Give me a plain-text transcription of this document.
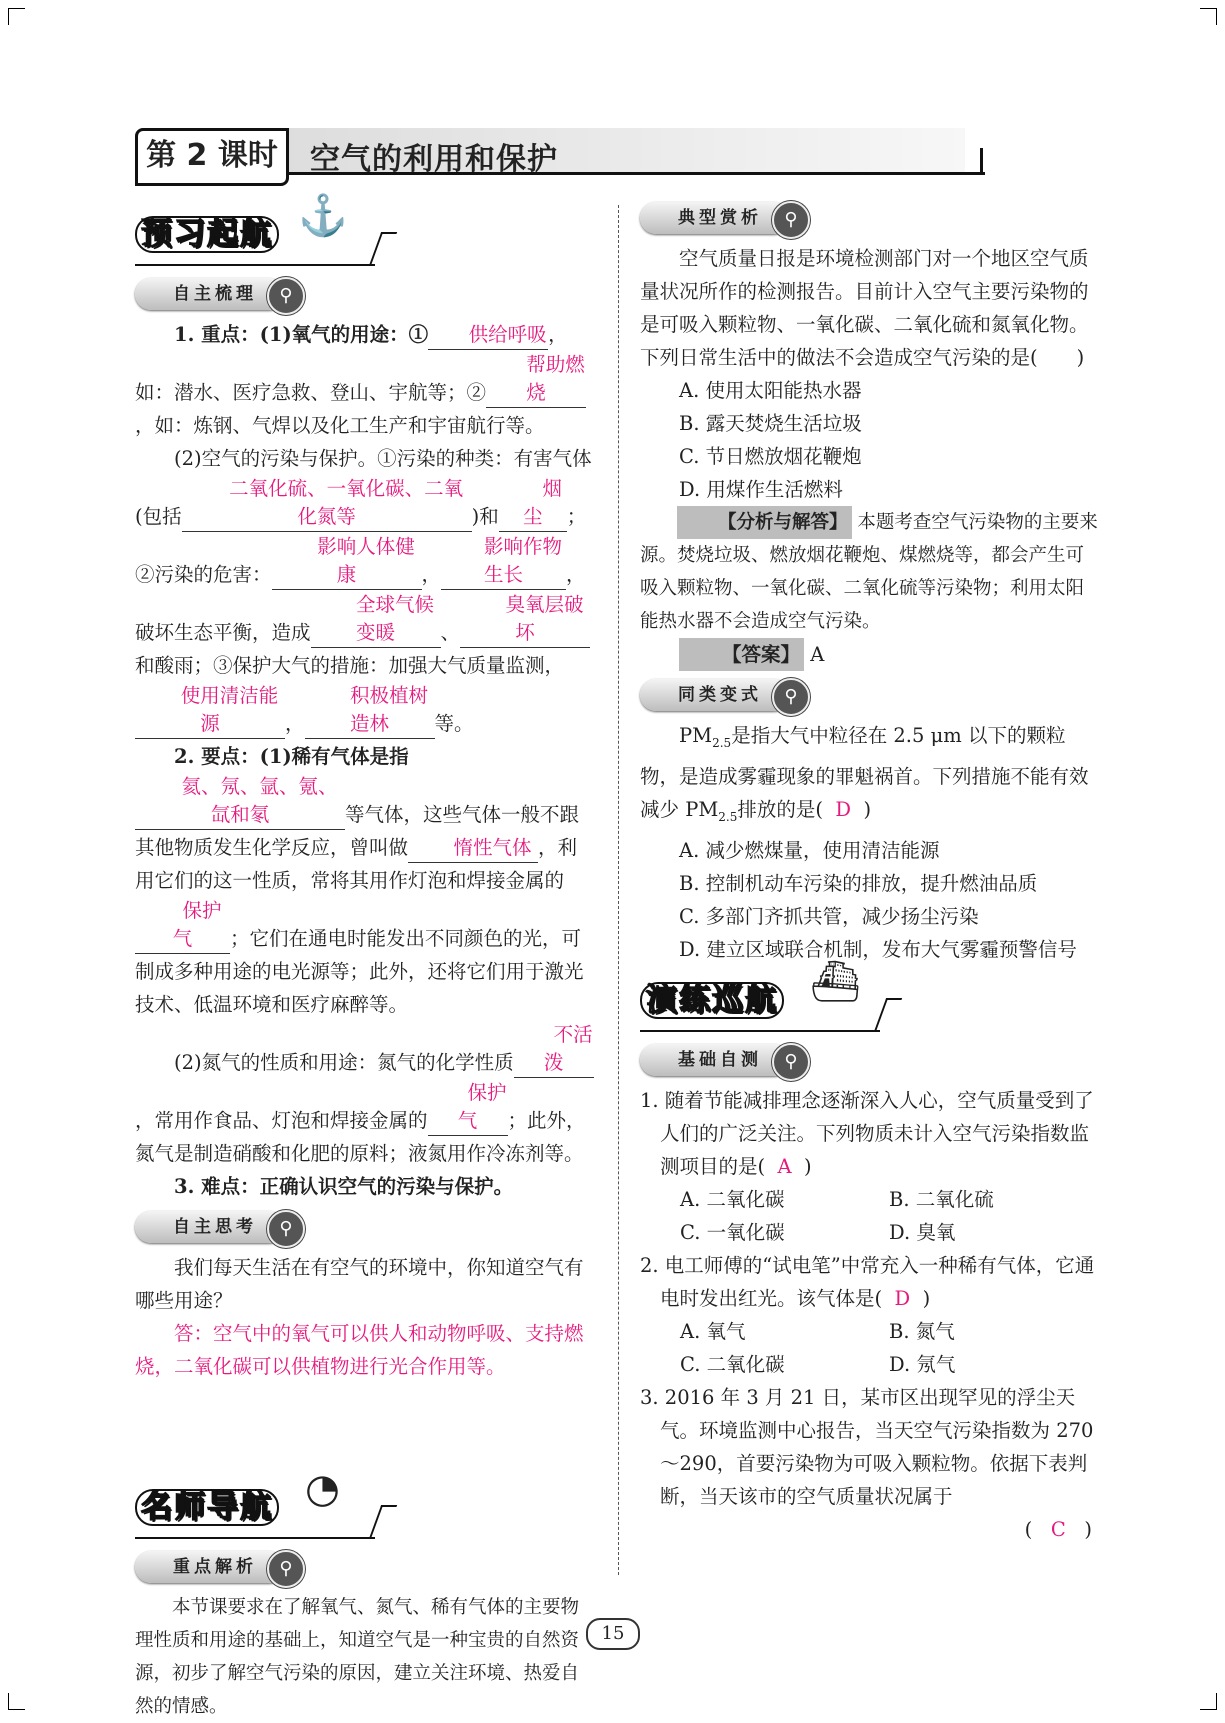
第 2 课时	空气的利用和保护
预习起航 ⚓
自主梳理	⚲

1. 重点：(1)氧气的用途：① 供给呼吸，如：潜水、医疗急救、登山、宇航等；②帮助燃烧，如：炼钢、气焊以及化工生产和宇宙航行等。

(2)空气的污染与保护。①污染的种类：有害气体(包括二氧化硫、一氧化碳、二氧化氮等	)和烟尘 ；②污染的危害：影响人体健康	，影响作物生长 ，破坏生态平衡，造成全球气候变暖 、臭氧层破坏和酸雨；③保护大气的措施：加强大气质量监测，使用清洁能源	，积极植树造林 等。

2. 要点：(1)稀有气体是指氦、氖、氩、氪、氙和氡	等气体，这些气体一般不跟其他物质发生化学反应，曾叫做 惰性气体 ，利用它们的这一性质，常将其用作灯泡和焊接金属的保护气 ；它们在通电时能发出不同颜色的光，可制成多种用途的电光源等；此外，还将它们用于激光技术、低温环境和医疗麻醉等。

(2)氮气的性质和用途：氮气的化学性质不活泼，常用作食品、灯泡和焊接金属的保护气 ；此外，氮气是制造硝酸和化肥的原料；液氮用作冷冻剂等。

3. 难点：正确认识空气的污染与保护。

自主思考	⚲

我们每天生活在有空气的环境中，你知道空气有哪些用途？

答：空气中的氧气可以供人和动物呼吸、支持燃烧，二氧化碳可以供植物进行光合作用等。

名师导航 ◔
重点解析	⚲

本节课要求在了解氧气、氮气、稀有气体的主要物理性质和用途的基础上，知道空气是一种宝贵的自然资源，初步了解空气污染的原因，建立关注环境、热爱自然的情感。

典型赏析	⚲

空气质量日报是环境检测部门对一个地区空气质量状况所作的检测报告。目前计入空气主要污染物的是可吸入颗粒物、一氧化碳、二氧化硫和氮氧化物。下列日常生活中的做法不会造成空气污染的是(　　)

A. 使用太阳能热水器

B. 露天焚烧生活垃圾

C. 节日燃放烟花鞭炮

D. 用煤作生活燃料

【分析与解答】 本题考查空气污染物的主要来源。焚烧垃圾、燃放烟花鞭炮、煤燃烧等，都会产生可吸入颗粒物、一氧化碳、二氧化硫等污染物；利用太阳能热水器不会造成空气污染。

【答案】 A

同类变式	⚲

$PM_{2.5}$是指大气中粒径在 2.5 μm 以下的颗粒物，是造成雾霾现象的罪魁祸首。下列措施不能有效减少 $PM_{2.5}$排放的是( D )

A. 减少燃煤量，使用清洁能源

B. 控制机动车污染的排放，提升燃油品质

C. 多部门齐抓共管，减少扬尘污染

D. 建立区域联合机制，发布大气雾霾预警信号

演练巡航 ⛴
基础自测	⚲

1. 随着节能减排理念逐渐深入人心，空气质量受到了人们的广泛关注。下列物质未计入空气污染指数监测项目的是( A )

A. 二氧化碳	B. 二氧化硫
C. 一氧化碳	D. 臭氧

2. 电工师傅的“试电笔”中常充入一种稀有气体，它通电时发出红光。该气体是( D )

A. 氧气	B. 氮气
C. 二氧化碳	D. 氖气

3. 2016 年 3 月 21 日，某市区出现罕见的浮尘天气。环境监测中心报告，当天空气污染指数为 270～290，首要污染物为可吸入颗粒物。依据下表判断，当天该市的空气质量状况属于

( C )

15
